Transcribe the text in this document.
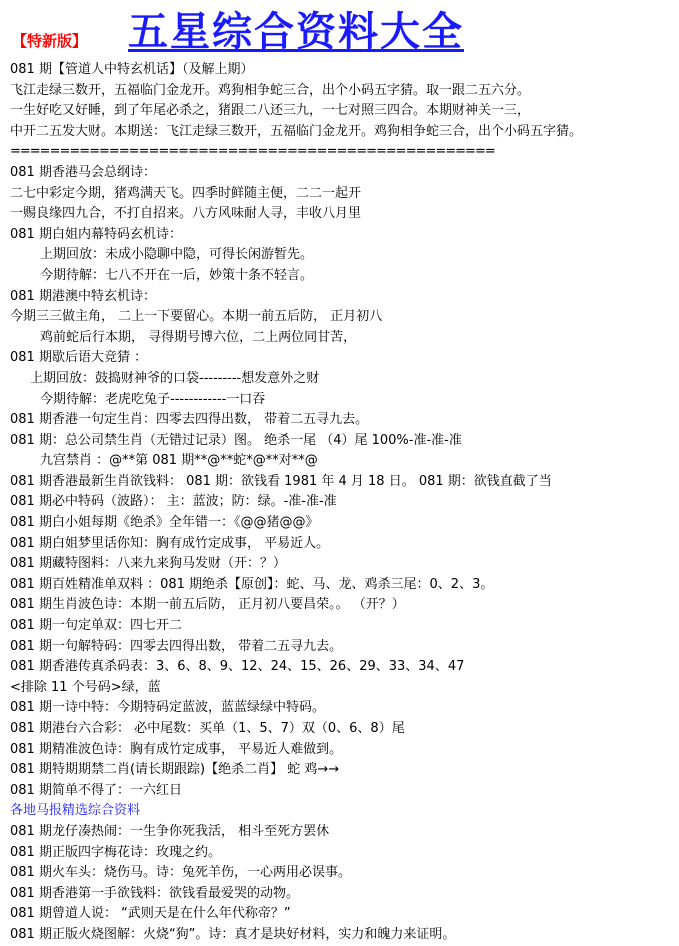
【特新版】 五星综合资料大全
081 期【管道人中特玄机话】（及解上期）
飞江走绿三数开，五福临门金龙开。鸡狗相争蛇三合，出个小码五字猜。取一跟二五六分。
一生好吃又好睡，到了年尾必杀之，猪跟二八还三九，一七对照三四合。本期财神关一三，
中开二五发大财。本期送：飞江走绿三数开，五福临门金龙开。鸡狗相争蛇三合，出个小码五字猜。
=================================================
081 期香港马会总纲诗：
二七中彩定今期，猪鸡满天飞。四季时鲜随主便，二二一起开
一赐良缘四九合，不打自招来。八方风味耐人寻，丰收八月里
081 期白姐内幕特码玄机诗：
上期回放：未成小隐聊中隐，可得长闲游暂先。
今期待解：七八不开在一后，妙策十条不轻言。
081 期港澳中特玄机诗：
今期三三做主角， 二上一下要留心。本期一前五后防， 正月初八
鸡前蛇后行本期， 寻得期号博六位，二上两位同甘苦，
081 期歇后语大竞猜 ：
上期回放：鼓捣财神爷的口袋---------想发意外之财
今期待解：老虎吃兔子------------一口吞
081 期香港一句定生肖：四零去四得出数， 带着二五寻九去。
081 期：总公司禁生肖（无错过记录）图。 绝杀一尾 （4）尾 100%-准-准-准
九宫禁肖 ：@**第 081 期**@**蛇*@**对**@
081 期香港最新生肖欲钱料： 081 期：欲钱看 1981 年 4 月 18 日。 081 期：欲钱直截了当
081 期必中特码（波路）： 主：蓝波；防：绿。-准-准-准
081 期白小姐每期《绝杀》全年错一：《@@猪@@》
081 期白姐梦里话你知：胸有成竹定成事， 平易近人。
081 期藏特图料：八来九来狗马发财（开：？）
081 期百姓精准单双料 ：081 期绝杀【原创】：蛇、马、龙、鸡杀三尾：0、2、3。
081 期生肖波色诗：本期一前五后防， 正月初八要昌荣。。 （开？）
081 期一句定单双：四七开二
081 期一句解特码：四零去四得出数， 带着二五寻九去。
081 期香港传真杀码表：3、6、8、9、12、24、15、26、29、33、34、47
<排除 11 个号码>绿，蓝
081 期一诗中特：今期特码定蓝波，蓝蓝绿绿中特码。
081 期港台六合彩： 必中尾数：买单（1、5、7）双（0、6、8）尾
081 期精准波色诗：胸有成竹定成事， 平易近人难做到。
081 期特期期禁二肖(请长期跟踪)【绝杀二肖】 蛇 鸡→→
081 期简单不得了：一六红日
各地马报精选综合资料
081 期龙仔凑热闹：一生争你死我活， 相斗至死方罢休
081 期正版四字梅花诗：玫瑰之约。
081 期火车头：烧伤马。诗：兔死羊伤，一心两用必误事。
081 期香港第一手欲钱料：欲钱看最爱哭的动物。
081 期曾道人说： “武则天是在什么年代称帝？”
081 期正版火烧图解：火烧“狗”。诗：真才是块好材料，实力和魄力来证明。
